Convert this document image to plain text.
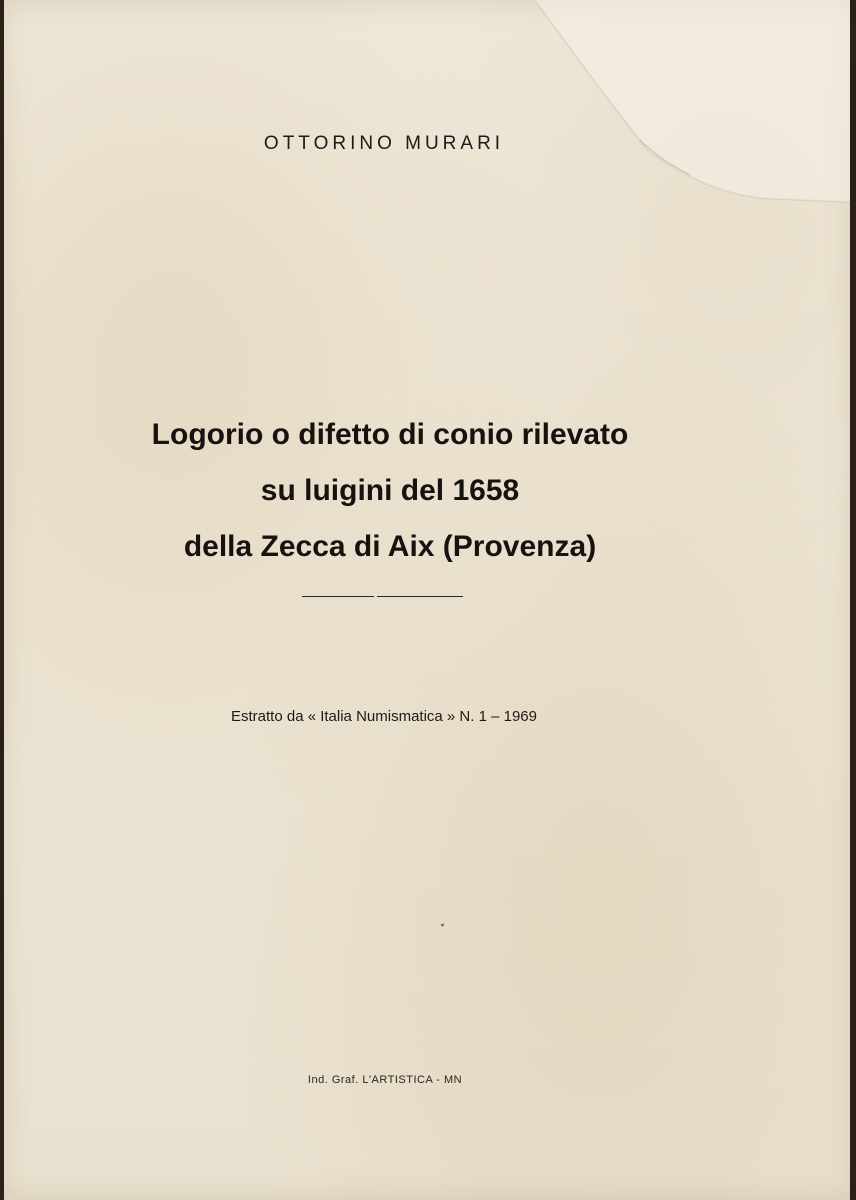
OTTORINO MURARI
Logorio o difetto di conio rilevato
su luigini del 1658
della Zecca di Aix (Provenza)
Estratto da « Italia Numismatica » N. 1 – 1969
Ind. Graf. L'ARTISTICA - MN
